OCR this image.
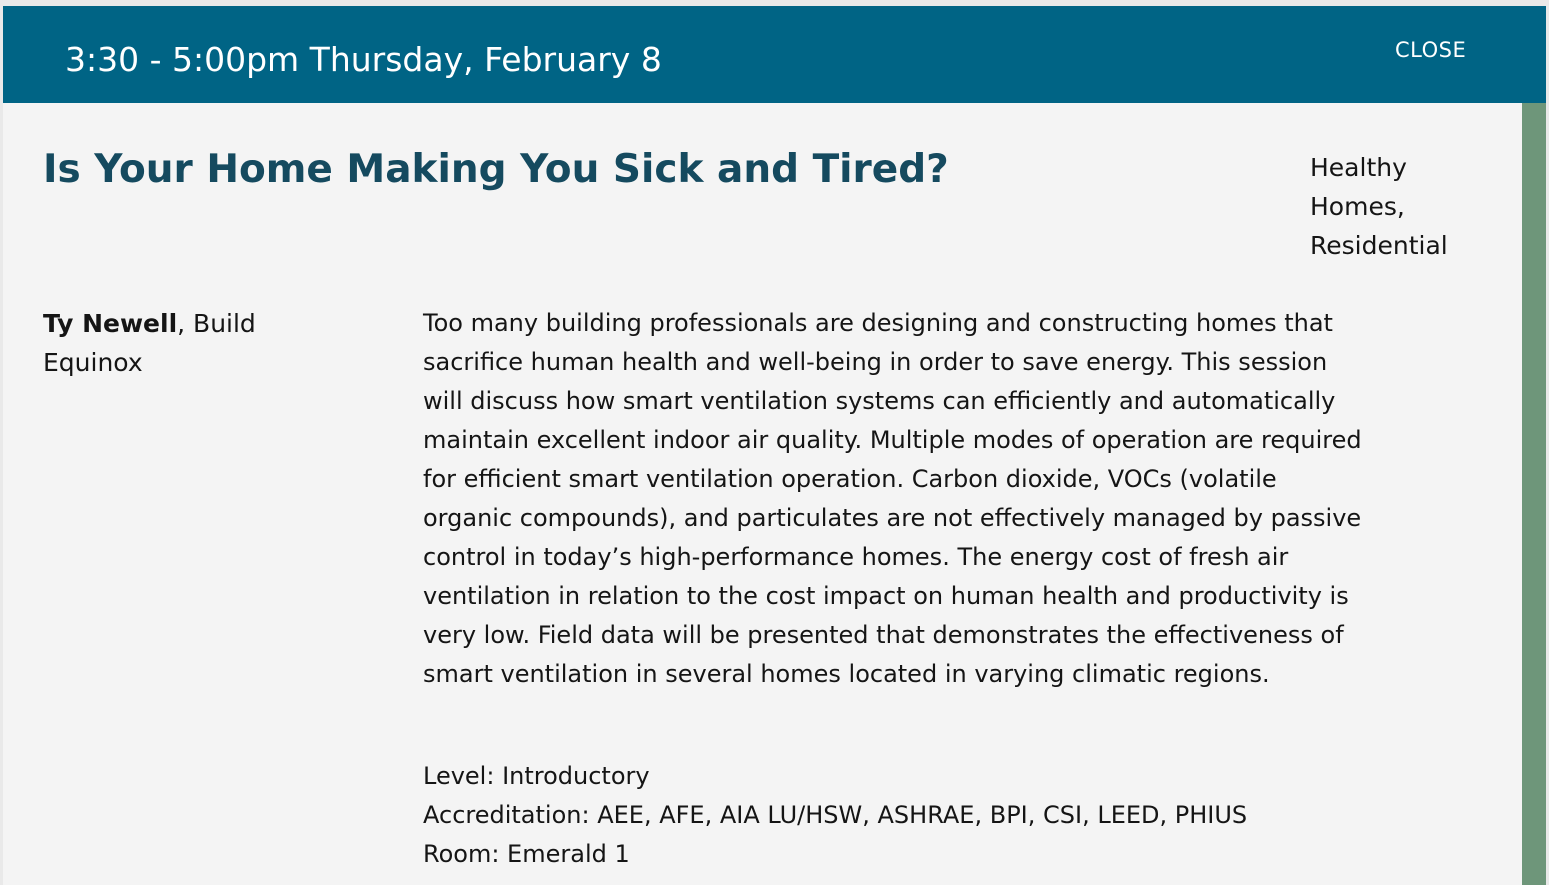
3:30 - 5:00pm Thursday, February 8	CLOSE
Is Your Home Making You Sick and Tired?	Healthy Homes, Residential
Ty Newell, Build Equinox

Too many building professionals are designing and constructing homes that sacrifice human health and well-being in order to save energy. This session will discuss how smart ventilation systems can efficiently and automatically maintain excellent indoor air quality. Multiple modes of operation are required for efficient smart ventilation operation. Carbon dioxide, VOCs (volatile organic compounds), and particulates are not effectively managed by passive control in today’s high-performance homes. The energy cost of fresh air ventilation in relation to the cost impact on human health and productivity is very low. Field data will be presented that demonstrates the effectiveness of smart ventilation in several homes located in varying climatic regions.

Level: Introductory
Accreditation: AEE, AFE, AIA LU/HSW, ASHRAE, BPI, CSI, LEED, PHIUS
Room: Emerald 1
